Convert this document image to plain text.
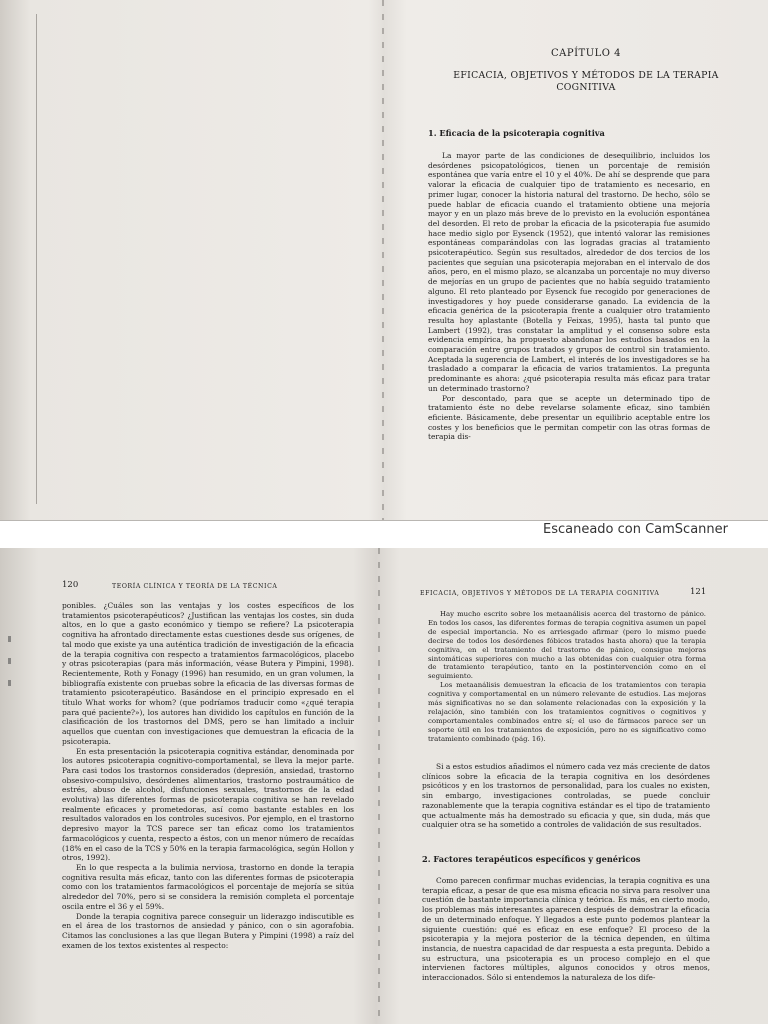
CAPÍTULO 4
EFICACIA, OBJETIVOS Y MÉTODOS DE LA TERAPIA COGNITIVA
1. Eficacia de la psicoterapia cognitiva

La mayor parte de las condiciones de desequilibrio, incluidos los desórdenes psicopatológicos, tienen un porcentaje de remisión espontánea que varía entre el 10 y el 40%. De ahí se desprende que para valorar la eficacia de cualquier tipo de tratamiento es necesario, en primer lugar, conocer la historia natural del trastorno. De hecho, sólo se puede hablar de eficacia cuando el tratamiento obtiene una mejoría mayor y en un plazo más breve de lo previsto en la evolución espontánea del desorden. El reto de probar la eficacia de la psicoterapia fue asumido hace medio siglo por Eysenck (1952), que intentó valorar las remisiones espontáneas comparándolas con las logradas gracias al tratamiento psicoterapéutico. Según sus resultados, alrededor de dos tercios de los pacientes que seguían una psicoterapia mejoraban en el intervalo de dos años, pero, en el mismo plazo, se alcanzaba un porcentaje no muy diverso de mejorías en un grupo de pacientes que no había seguido tratamiento alguno. El reto planteado por Eysenck fue recogido por generaciones de investigadores y hoy puede considerarse ganado. La evidencia de la eficacia genérica de la psicoterapia frente a cualquier otro tratamiento resulta hoy aplastante (Botella y Feixas, 1995), hasta tal punto que Lambert (1992), tras constatar la amplitud y el consenso sobre esta evidencia empírica, ha propuesto abandonar los estudios basados en la comparación entre grupos tratados y grupos de control sin tratamiento. Aceptada la sugerencia de Lambert, el interés de los investigadores se ha trasladado a comparar la eficacia de varios tratamientos. La pregunta predominante es ahora: ¿qué psicoterapia resulta más eficaz para tratar un determinado trastorno?

Por descontado, para que se acepte un determinado tipo de tratamiento éste no debe revelarse solamente eficaz, sino también eficiente. Básicamente, debe presentar un equilibrio aceptable entre los costes y los beneficios que le permitan competir con las otras formas de terapia dis-

Escaneado con CamScanner
120	TEORÍA CLÍNICA Y TEORÍA DE LA TÉCNICA

ponibles. ¿Cuáles son las ventajas y los costes específicos de los tratamientos psicoterapéuticos? ¿Justifican las ventajas los costes, sin duda altos, en lo que a gasto económico y tiempo se refiere? La psicoterapia cognitiva ha afrontado directamente estas cuestiones desde sus orígenes, de tal modo que existe ya una auténtica tradición de investigación de la eficacia de la terapia cognitiva con respecto a tratamientos farmacológicos, placebo y otras psicoterapias (para más información, véase Butera y Pimpini, 1998). Recientemente, Roth y Fonagy (1996) han resumido, en un gran volumen, la bibliografía existente con pruebas sobre la eficacia de las diversas formas de tratamiento psicoterapéutico. Basándose en el principio expresado en el título What works for whom? (que podríamos traducir como «¿qué terapia para qué paciente?»), los autores han dividido los capítulos en función de la clasificación de los trastornos del DMS, pero se han limitado a incluir aquellos que cuentan con investigaciones que demuestran la eficacia de la psicoterapia.

En esta presentación la psicoterapia cognitiva estándar, denominada por los autores psicoterapia cognitivo-comportamental, se lleva la mejor parte. Para casi todos los trastornos considerados (depresión, ansiedad, trastorno obsesivo-compulsivo, desórdenes alimentarios, trastorno postraumático de estrés, abuso de alcohol, disfunciones sexuales, trastornos de la edad evolutiva) las diferentes formas de psicoterapia cognitiva se han revelado realmente eficaces y prometedoras, así como bastante estables en los resultados valorados en los controles sucesivos. Por ejemplo, en el trastorno depresivo mayor la TCS parece ser tan eficaz como los tratamientos farmacológicos y cuenta, respecto a éstos, con un menor número de recaídas (18% en el caso de la TCS y 50% en la terapia farmacológica, según Hollon y otros, 1992).

En lo que respecta a la bulimia nerviosa, trastorno en donde la terapia cognitiva resulta más eficaz, tanto con las diferentes formas de psicoterapia como con los tratamientos farmacológicos el porcentaje de mejoría se sitúa alrededor del 70%, pero si se considera la remisión completa el porcentaje oscila entre el 36 y el 59%.

Donde la terapia cognitiva parece conseguir un liderazgo indiscutible es en el área de los trastornos de ansiedad y pánico, con o sin agorafobia. Citamos las conclusiones a las que llegan Butera y Pimpini (1998) a raíz del examen de los textos existentes al respecto:

EFICACIA, OBJETIVOS Y MÉTODOS DE LA TERAPIA COGNITIVA	121

Hay mucho escrito sobre los metaanálisis acerca del trastorno de pánico. En todos los casos, las diferentes formas de terapia cognitiva asumen un papel de especial importancia. No es arriesgado afirmar (pero lo mismo puede decirse de todos los desórdenes fóbicos tratados hasta ahora) que la terapia cognitiva, en el tratamiento del trastorno de pánico, consigue mejoras sintomáticas superiores con mucho a las obtenidas con cualquier otra forma de tratamiento terapéutico, tanto en la postintervención como en el seguimiento.

Los metaanálisis demuestran la eficacia de los tratamientos con terapia cognitiva y comportamental en un número relevante de estudios. Las mejoras más significativas no se dan solamente relacionadas con la exposición y la relajación, sino también con los tratamientos cognitivos o cognitivos y comportamentales combinados entre sí; el uso de fármacos parece ser un soporte útil en los tratamientos de exposición, pero no es significativo como tratamiento combinado (pág. 16).

Si a estos estudios añadimos el número cada vez más creciente de datos clínicos sobre la eficacia de la terapia cognitiva en los desórdenes psicóticos y en los trastornos de personalidad, para los cuales no existen, sin embargo, investigaciones controladas, se puede concluir razonablemente que la terapia cognitiva estándar es el tipo de tratamiento que actualmente más ha demostrado su eficacia y que, sin duda, más que cualquier otra se ha sometido a controles de validación de sus resultados.

2. Factores terapéuticos específicos y genéricos

Como parecen confirmar muchas evidencias, la terapia cognitiva es una terapia eficaz, a pesar de que esa misma eficacia no sirva para resolver una cuestión de bastante importancia clínica y teórica. Es más, en cierto modo, los problemas más interesantes aparecen después de demostrar la eficacia de un determinado enfoque. Y llegados a este punto podemos plantear la siguiente cuestión: qué es eficaz en ese enfoque? El proceso de la psicoterapia y la mejora posterior de la técnica dependen, en última instancia, de nuestra capacidad de dar respuesta a esta pregunta. Debido a su estructura, una psicoterapia es un proceso complejo en el que intervienen factores múltiples, algunos conocidos y otros menos, interaccionados. Sólo si entendemos la naturaleza de los dife-
